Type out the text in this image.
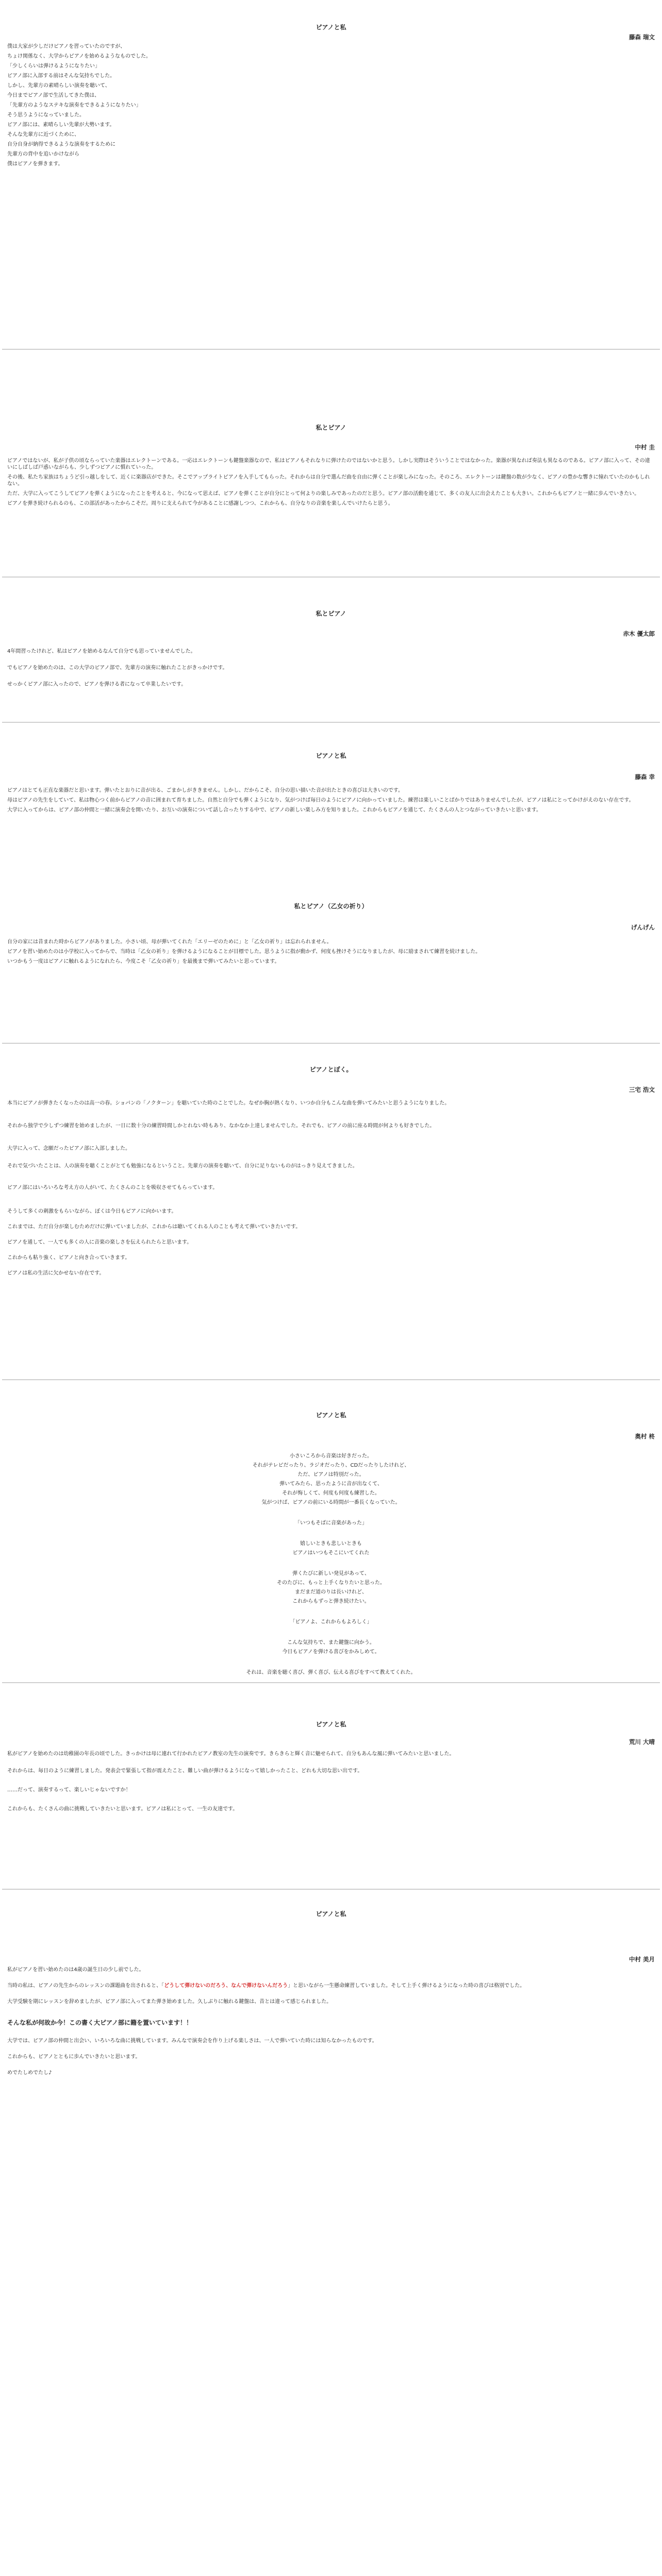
ピアノと私

藤森 瑞文

僕は大家が少しだけピアノを習っていたのですが、

ちょけ関係なく、大学からピアノを始めるようなものでした。

「少しくらいは弾けるようになりたい」

ピアノ部に入部する前はそんな気持ちでした。

しかし、先輩方の素晴らしい演奏を聴いて、

今日までピアノ部で生活してきた僕は、

「先輩方のようなステキな演奏をできるようになりたい」

そう思うようになっていました。

ピアノ部には、素晴らしい先輩が大勢います。

そんな先輩方に近づくために、

自分自身が納得できるような演奏をするために

先輩方の背中を追いかけながら

僕はピアノを弾きます。

私とピアノ

中村 圭

ピアノではないが、私が子供の頃ならっていた楽器はエレクトーンである。一応はエレクトーンも鍵盤楽器なので、私はピアノもそれなりに弾けたのではないかと思う。しかし実際はそういうことではなかった。楽器が異なれば奏法も異なるのである。ピアノ部に入って、その違いにしばしば戸惑いながらも、少しずつピアノに慣れていった。

その後、私たち家族はちょうど引っ越しをして、近くに楽器店ができた。そこでアップライトピアノを入手してもらった。それからは自分で選んだ曲を自由に弾くことが楽しみになった。そのころ、エレクトーンは鍵盤の数が少なく、ピアノの豊かな響きに憧れていたのかもしれない。

ただ、大学に入ってこうしてピアノを弾くようになったことを考えると、今になって思えば、ピアノを弾くことが自分にとって何よりの楽しみであったのだと思う。ピアノ部の活動を通じて、多くの友人に出会えたことも大きい。これからもピアノと一緒に歩んでいきたい。

ピアノを弾き続けられるのも、この部活があったからこそだ。周りに支えられて今があることに感謝しつつ、これからも、自分なりの音楽を楽しんでいけたらと思う。

私とピアノ

赤木 優太郎

4年間習ったけれど、私はピアノを始めるなんて自分でも思っていませんでした。

でもピアノを始めたのは、この大学のピアノ部で、先輩方の演奏に触れたことがきっかけです。

せっかくピアノ部に入ったので、ピアノを弾ける者になって卒業したいです。

ピアノと私

藤森 幸

ピアノはとても正直な楽器だと思います。弾いたとおりに音が出る、ごまかしがききません。しかし、だからこそ、自分の思い描いた音が出たときの喜びは大きいのです。

母はピアノの先生をしていて、私は物心つく前からピアノの音に囲まれて育ちました。自然と自分でも弾くようになり、気がつけば毎日のようにピアノに向かっていました。練習は楽しいことばかりではありませんでしたが、ピアノは私にとってかけがえのない存在です。

大学に入ってからは、ピアノ部の仲間と一緒に演奏会を開いたり、お互いの演奏について話し合ったりする中で、ピアノの新しい楽しみ方を知りました。これからもピアノを通じて、たくさんの人とつながっていきたいと思います。

私とピアノ（乙女の祈り）

げんげん

自分の家には昔まれた時からピアノがありました。小さい頃、母が弾いてくれた「エリーゼのために」と「乙女の祈り」は忘れられません。

ピアノを習い始めたのは小学校に入ってからで、当時は「乙女の祈り」を弾けるようになることが目標でした。思うように指が動かず、何度も挫けそうになりましたが、母に励まされて練習を続けました。

いつかもう一度はピアノに触れるようになれたら、今度こそ「乙女の祈り」を最後まで弾いてみたいと思っています。

ピアノとぼく。

三宅 浩文

本当にピアノが弾きたくなったのは高一の春。ショパンの「ノクターン」を聴いていた時のことでした。なぜか胸が熱くなり、いつか自分もこんな曲を弾いてみたいと思うようになりました。

それから独学で少しずつ練習を始めましたが、一日に数十分の練習時間しかとれない時もあり、なかなか上達しませんでした。それでも、ピアノの前に座る時間が何よりも好きでした。

大学に入って、念願だったピアノ部に入部しました。

それで気づいたことは、人の演奏を聴くことがとても勉強になるということ。先輩方の演奏を聴いて、自分に足りないものがはっきり見えてきました。

ピアノ部にはいろいろな考え方の人がいて、たくさんのことを吸収させてもらっています。

そうして多くの刺激をもらいながら、ぼくは今日もピアノに向かいます。

これまでは、ただ自分が楽しむためだけに弾いていましたが、これからは聴いてくれる人のことも考えて弾いていきたいです。

ピアノを通して、一人でも多くの人に音楽の楽しさを伝えられたらと思います。

これからも粘り強く、ピアノと向き合っていきます。

ピアノは私の生活に欠かせない存在です。

ピアノと私

奥村 柊

小さいころから音楽は好きだった。
それがテレビだったり、ラジオだったり、CDだったりしたけれど、
ただ、ピアノは特別だった。
弾いてみたら、思ったように音が出なくて、
それが悔しくて、何度も何度も練習した。
気がつけば、ピアノの前にいる時間が一番長くなっていた。
「いつもそばに音楽があった」
嬉しいときも悲しいときも
ピアノはいつもそこにいてくれた
弾くたびに新しい発見があって、
そのたびに、もっと上手くなりたいと思った。
まだまだ道のりは長いけれど、
これからもずっと弾き続けたい。
「ピアノよ、これからもよろしく」
こんな気持ちで、また鍵盤に向かう。
今日もピアノを弾ける喜びをかみしめて。
それは、音楽を聴く喜び、弾く喜び、伝える喜びをすべて教えてくれた。
ピアノと私

荒川 大晴

私がピアノを始めたのは幼稚園の年長の頃でした。きっかけは母に連れて行かれたピアノ教室の先生の演奏です。きらきらと輝く音に魅せられて、自分もあんな風に弾いてみたいと思いました。

それからは、毎日のように練習しました。発表会で緊張して指が震えたこと、難しい曲が弾けるようになって嬉しかったこと、どれも大切な思い出です。

……だって、演奏するって、楽しいじゃないですか！

これからも、たくさんの曲に挑戦していきたいと思います。ピアノは私にとって、一生の友達です。

ピアノと私

中村 美月

私がピアノを習い始めたのは4歳の誕生日の少し前でした。

当時の私は、ピアノの先生からのレッスンの課題曲を出されると、「どうして弾けないのだろう、なんで弾けないんだろう」と思いながら一生懸命練習していました。そして上手く弾けるようになった時の喜びは格別でした。

大学受験を期にレッスンを辞めましたが、ピアノ部に入ってまた弾き始めました。久しぶりに触れる鍵盤は、昔とは違って感じられました。

そんな私が何故か今！この書く大ピアノ部に籍を置いています！！

大学では、ピアノ部の仲間と出会い、いろいろな曲に挑戦しています。みんなで演奏会を作り上げる楽しさは、一人で弾いていた時には知らなかったものです。

これからも、ピアノとともに歩んでいきたいと思います。

めでたしめでたし♪
